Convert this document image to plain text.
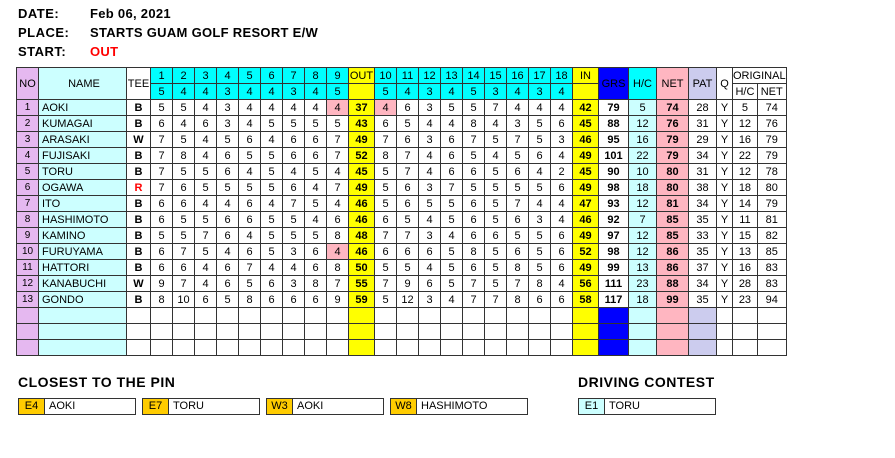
DATE:	Feb 06, 2021
PLACE:	STARTS GUAM GOLF RESORT E/W
START:	OUT
NO	NAME	TEE	1	2	3	4	5	6	7	8	9	OUT	10	11	12	13	14	15	16	17	18	IN	GRS	H/C	NET	PAT	Q	ORIGINAL	
			5	4	4	3	4	4	3	4	5		5	4	3	4	5	3	4	3	4							H/C	NET
1	AOKI	B	5	5	4	3	4	4	4	4	4	37	4	6	3	5	5	7	4	4	4	42	79	5	74	28	Y	5	74
2	KUMAGAI	B	6	4	6	3	4	5	5	5	5	43	6	5	4	4	8	4	3	5	6	45	88	12	76	31	Y	12	76
3	ARASAKI	W	7	5	4	5	6	4	6	6	7	49	7	6	3	6	7	5	7	5	3	46	95	16	79	29	Y	16	79
4	FUJISAKI	B	7	8	4	6	5	5	6	6	7	52	8	7	4	6	5	4	5	6	4	49	101	22	79	34	Y	22	79
5	TORU	B	7	5	5	6	4	5	4	5	4	45	5	7	4	6	6	5	6	4	2	45	90	10	80	31	Y	12	78
6	OGAWA	R	7	6	5	5	5	5	6	4	7	49	5	6	3	7	5	5	5	5	6	49	98	18	80	38	Y	18	80
7	ITO	B	6	6	4	4	6	4	7	5	4	46	5	6	5	5	6	5	7	4	4	47	93	12	81	34	Y	14	79
8	HASHIMOTO	B	6	5	5	6	6	5	5	4	6	46	6	5	4	5	6	5	6	3	4	46	92	7	85	35	Y	11	81
9	KAMINO	B	5	5	7	6	4	5	5	5	8	48	7	7	3	4	6	6	5	5	6	49	97	12	85	33	Y	15	82
10	FURUYAMA	B	6	7	5	4	6	5	3	6	4	46	6	6	6	5	8	5	6	5	6	52	98	12	86	35	Y	13	85
11	HATTORI	B	6	6	4	6	7	4	4	6	8	50	5	5	4	5	6	5	8	5	6	49	99	13	86	37	Y	16	83
12	KANABUCHI	W	9	7	4	6	5	6	3	8	7	55	7	9	6	5	7	5	7	8	4	56	111	23	88	34	Y	28	83
13	GONDO	B	8	10	6	5	8	6	6	6	9	59	5	12	3	4	7	7	8	6	6	58	117	18	99	35	Y	23	94

CLOSEST TO THE PIN
E4 AOKI	E7 TORU	W3 AOKI	W8 HASHIMOTO
DRIVING CONTEST
E1 TORU
